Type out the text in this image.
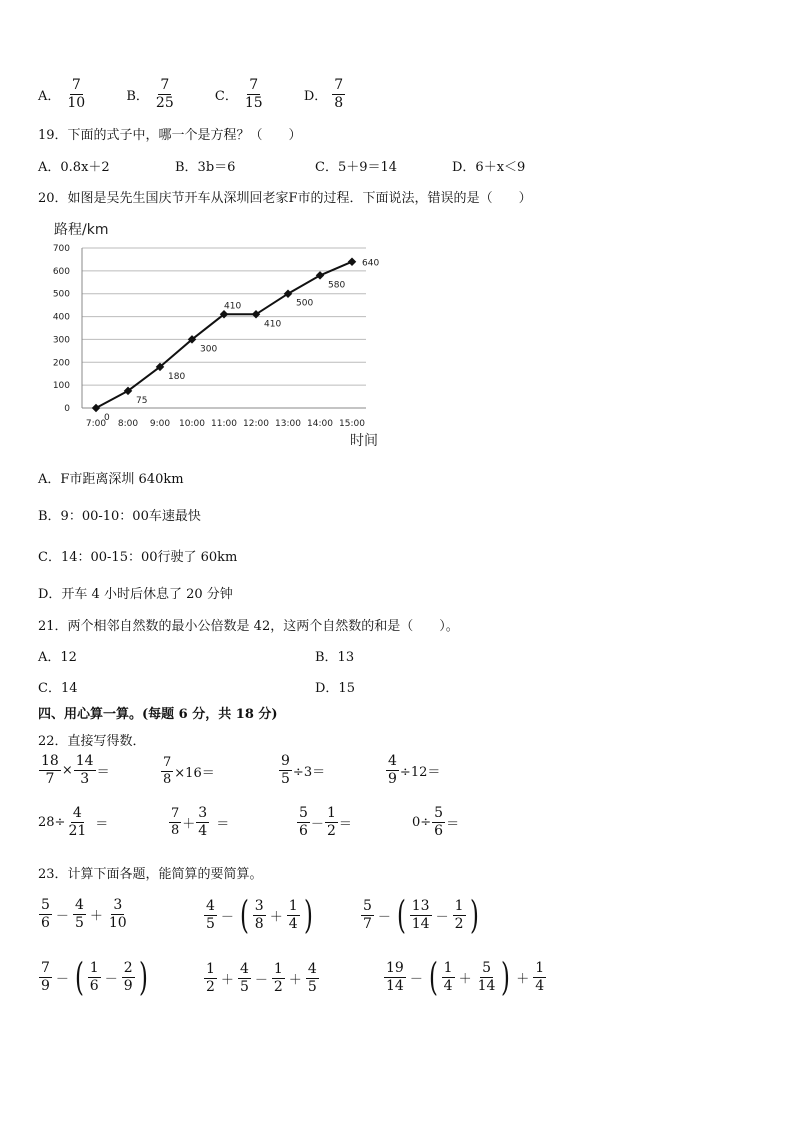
A． $\frac{7}{10}$
	B． $\frac{7}{25}$
	C． $\frac{7}{15}$
	D． $\frac{7}{8}$
19．下面的式子中，哪一个是方程？（　　）
A．0.8x＋2	B．3b＝6	C．5＋9＝14	D．6＋x＜9
20．如图是吴先生国庆节开车从深圳回老家F市的过程．下面说法，错误的是（　　）
路程/km
0
100
200
300
400
500
600
700
7:00 8:00 9:00 10:00 11:00 12:00 13:00 14:00 15:00
0
75
180
300
410
410
500
580
640
时间
A．F市距离深圳 640km
B．9：00-10：00车速最快
C．14：00-15：00行驶了 60km
D．开车 4 小时后休息了 20 分钟
21．两个相邻自然数的最小公倍数是 42，这两个自然数的和是（　　）。
A．12	B．13
C．14	D．15
四、用心算一算。(每题 6 分，共 18 分)
22．直接写得数．
$\frac{18}{7} \times \frac{14}{3}$ ＝	$\frac{7}{8} \times 16=$	$\frac{9}{5} \div 3=$	$\frac{4}{9} \div 12=$
$28\div \frac{4}{21}$ ＝	$\frac{7}{8} + \frac{3}{4}$ ＝	$\frac{5}{6} - \frac{1}{2}$ ＝	$0\div \frac{5}{6}$ ＝
23．计算下面各题，能简算的要简算。
$\frac{5}{6} - \frac{4}{5} + \frac{3}{10}$	$\frac{4}{5}$ － ( $\frac{3}{8} + \frac{1}{4}$ )	$\frac{5}{7}$ － ( $\frac{13}{14} - \frac{1}{2}$ )
$\frac{7}{9}$ － ( $\frac{1}{6} - \frac{2}{9}$ )	$\frac{1}{2} + \frac{4}{5} - \frac{1}{2} + \frac{4}{5}$	$\frac{19}{14}$ － ( $\frac{1}{4} + \frac{5}{14}$ ) ＋ $\frac{1}{4}$
